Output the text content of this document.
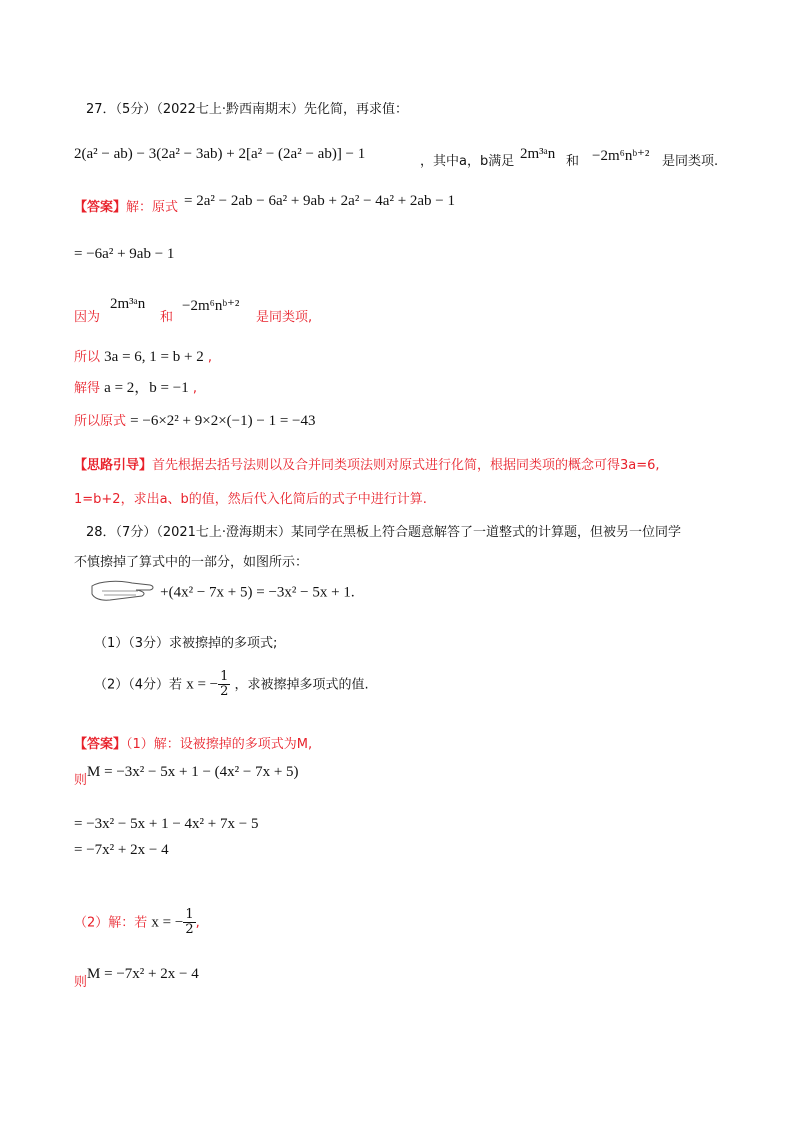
27．（5分）（2022七上·黔西南期末）先化简，再求值：
2(a² − ab) − 3(2a² − 3ab) + 2[a² − (2a² − ab)] − 1	，其中a，b满足 2m³ᵃn 和 −2m⁶nᵇ⁺² 是同类项.
【答案】解：原式 = 2a² − 2ab − 6a² + 9ab + 2a² − 4a² + 2ab − 1
= −6a² + 9ab − 1
因为
2m³ᵃn
和
−2m⁶nᵇ⁺²
是同类项,
所以 3a = 6, 1 = b + 2 ,
解得 a = 2，b = −1 ,
所以原式 = −6×2² + 9×2×(−1) − 1 = −43
【思路引导】首先根据去括号法则以及合并同类项法则对原式进行化简，根据同类项的概念可得3a=6,
1=b+2，求出a、b的值，然后代入化简后的式子中进行计算.
28．（7分）（2021七上·澄海期末）某同学在黑板上符合题意解答了一道整式的计算题，但被另一位同学
不慎擦掉了算式中的一部分，如图所示：
+(4x² − 7x + 5) = −3x² − 5x + 1.
（1）（3分）求被擦掉的多项式;
（2）（4分）若 x = − $\frac{1}{2}$ ，求被擦掉多项式的值.
【答案】（1）解：设被擦掉的多项式为M,
则M = −3x² − 5x + 1 − (4x² − 7x + 5)
= −3x² − 5x + 1 − 4x² + 7x − 5
= −7x² + 2x − 4
（2）解：若 x = − $\frac{1}{2}$ ,
则M = −7x² + 2x − 4
